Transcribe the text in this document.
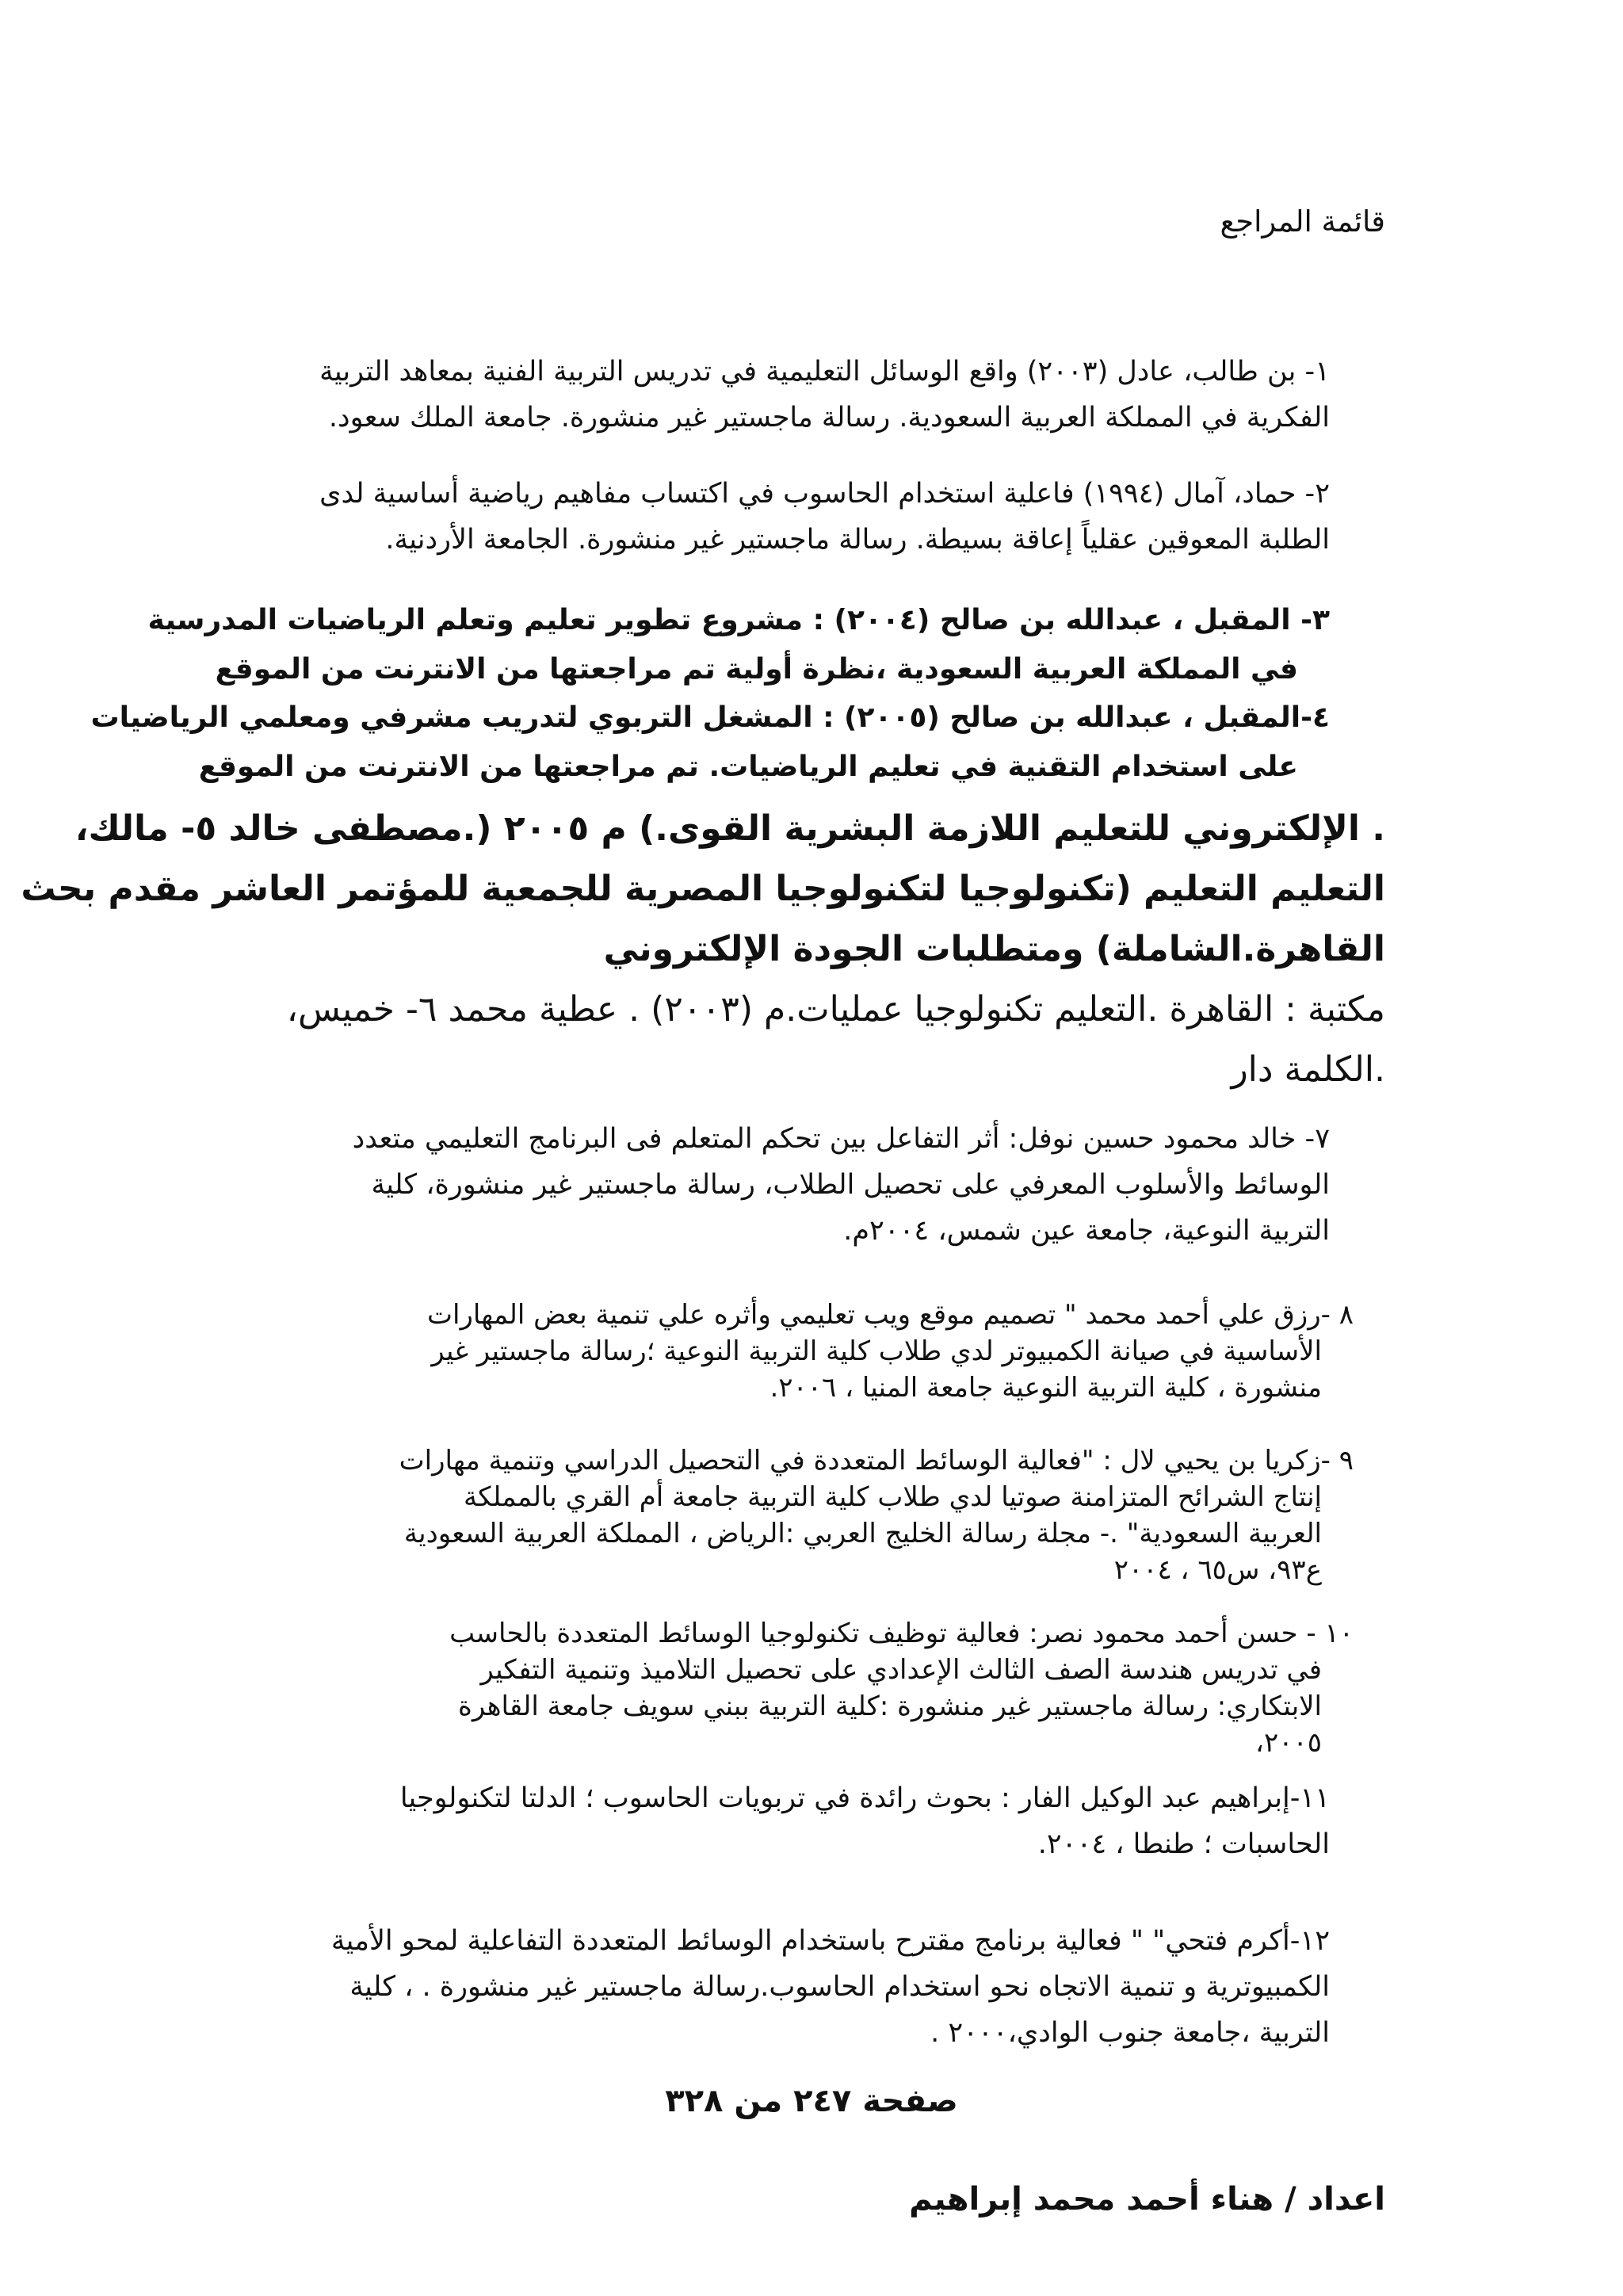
قائمة المراجع
١- بن طالب، عادل (٢٠٠٣) واقع الوسائل التعليمية في تدريس التربية الفنية بمعاهد التربية
الفكرية في المملكة العربية السعودية. رسالة ماجستير غير منشورة. جامعة الملك سعود.
٢- حماد، آمال (١٩٩٤) فاعلية استخدام الحاسوب في اكتساب مفاهيم رياضية أساسية لدى
الطلبة المعوقين عقلياً إعاقة بسيطة. رسالة ماجستير غير منشورة. الجامعة الأردنية.
٣- المقبل ، عبدالله بن صالح (٢٠٠٤) : مشروع تطوير تعليم وتعلم الرياضيات المدرسية
في المملكة العربية السعودية ،نظرة أولية تم مراجعتها من الانترنت من الموقع
٤-المقبل ، عبدالله بن صالح (٢٠٠٥) : المشغل التربوي لتدريب مشرفي ومعلمي الرياضيات
على استخدام التقنية في تعليم الرياضيات. تم مراجعتها من الانترنت من الموقع
. الإلكتروني للتعليم اللازمة البشرية القوى.) م ٢٠٠٥ (.مصطفى خالد ٥- مالك،
التعليم التعليم (تكنولوجيا لتكنولوجيا المصرية للجمعية للمؤتمر العاشر مقدم بحث
القاهرة.الشاملة) ومتطلبات الجودة الإلكتروني
مكتبة : القاهرة .التعليم تكنولوجيا عمليات.م (٢٠٠٣) . عطية محمد ٦- خميس،
.الكلمة دار
٧- خالد محمود حسين نوفل: أثر التفاعل بين تحكم المتعلم فى البرنامج التعليمي متعدد
الوسائط والأسلوب المعرفي على تحصيل الطلاب، رسالة ماجستير غير منشورة، كلية
التربية النوعية، جامعة عين شمس، ٢٠٠٤م.
٨ -رزق علي أحمد محمد " تصميم موقع ويب تعليمي وأثره علي تنمية بعض المهارات
الأساسية في صيانة الكمبيوتر لدي طلاب كلية التربية النوعية ؛رسالة ماجستير غير
منشورة ، كلية التربية النوعية جامعة المنيا ، ٢٠٠٦.
٩ -زكريا بن يحيي لال : "فعالية الوسائط المتعددة في التحصيل الدراسي وتنمية مهارات
إنتاج الشرائح المتزامنة صوتيا لدي طلاب كلية التربية جامعة أم القري بالمملكة
العربية السعودية" .- مجلة رسالة الخليج العربي :الرياض ، المملكة العربية السعودية
ع٩٣، س٦٥ ، ٢٠٠٤
١٠ - حسن أحمد محمود نصر: فعالية توظيف تكنولوجيا الوسائط المتعددة بالحاسب
في تدريس هندسة الصف الثالث الإعدادي على تحصيل التلاميذ وتنمية التفكير
الابتكاري: رسالة ماجستير غير منشورة :كلية التربية ببني سويف جامعة القاهرة
٢٠٠٥،
١١-إبراهيم عبد الوكيل الفار : بحوث رائدة في تربويات الحاسوب ؛ الدلتا لتكنولوجيا
الحاسبات ؛ طنطا ، ٢٠٠٤.
١٢-أكرم فتحي" " فعالية برنامج مقترح باستخدام الوسائط المتعددة التفاعلية لمحو الأمية
الكمبيوترية و تنمية الاتجاه نحو استخدام الحاسوب.رسالة ماجستير غير منشورة . ، كلية
التربية ،جامعة جنوب الوادي،٢٠٠٠ .
صفحة ٢٤٧ من ٣٢٨
اعداد / هناء أحمد محمد إبراهيم
